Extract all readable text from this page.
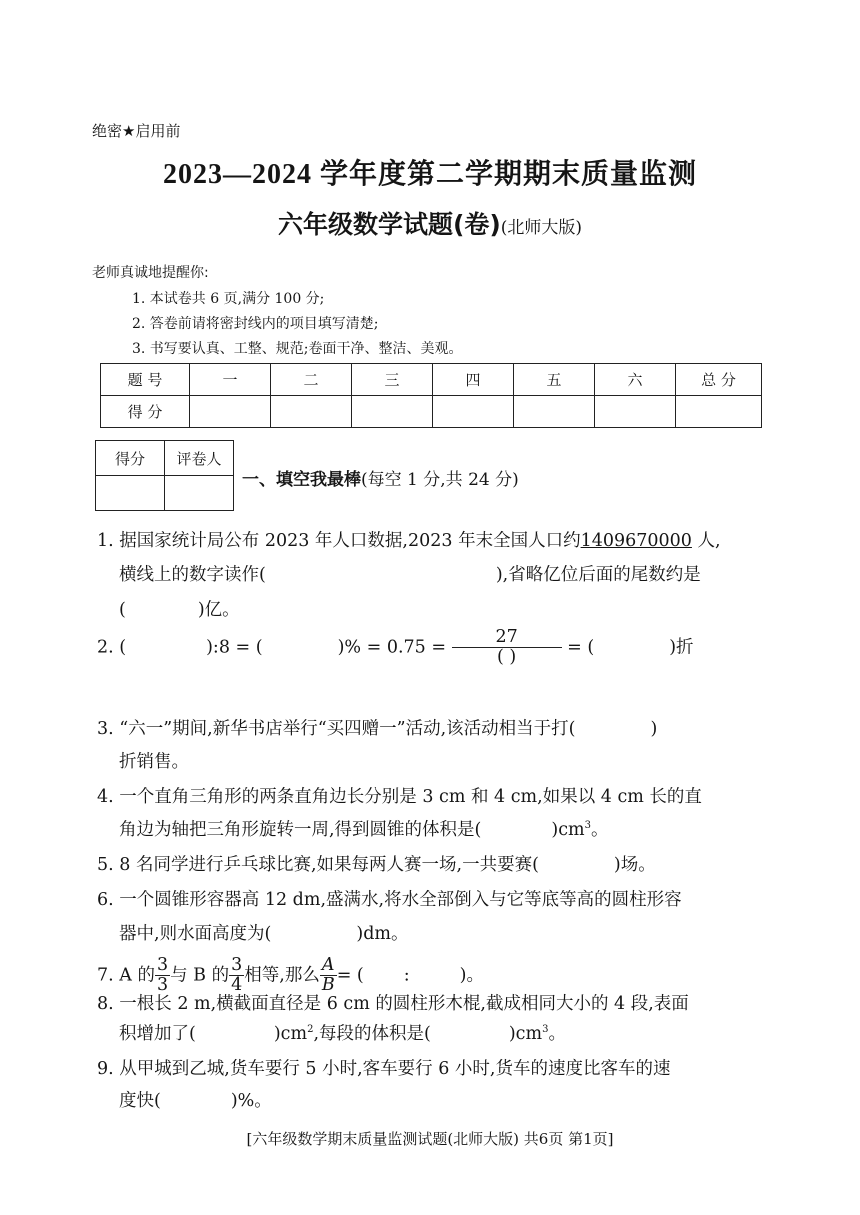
绝密★启用前
2023—2024 学年度第二学期期末质量监测
六年级数学试题(卷)(北师大版)
老师真诚地提醒你:
1. 本试卷共 6 页,满分 100 分;
2. 答卷前请将密封线内的项目填写清楚;
3. 书写要认真、工整、规范;卷面干净、整洁、美观。
题 号	一	二	三	四	五	六	总 分
得 分							
得分	评卷人

一、填空我最棒(每空 1 分,共 24 分)
1. 据国家统计局公布 2023 年人口数据,2023 年末全国人口约1409670000 人,
横线上的数字读作(	),省略亿位后面的尾数约是
(	)亿。
2. (	):8 = (	)% = $0.75 = \frac{27}{( )}$ = (	)折
3. “六一”期间,新华书店举行“买四赠一”活动,该活动相当于打(	)
折销售。
4. 一个直角三角形的两条直角边长分别是 3 cm 和 4 cm,如果以 4 cm 长的直
角边为轴把三角形旋转一周,得到圆锥的体积是(	)$cm^3$。
5. 8 名同学进行乒乓球比赛,如果每两人赛一场,一共要赛(	)场。
6. 一个圆锥形容器高 12 dm,盛满水,将水全部倒入与它等底等高的圆柱形容
器中,则水面高度为(	)dm。
7. A 的 $\frac{3}{3}$ 与 B 的 $\frac{3}{4}$ 相等,那么 $\frac{A}{B}$ = ( :	)。
8. 一根长 2 m,横截面直径是 6 cm 的圆柱形木棍,截成相同大小的 4 段,表面
积增加了(	)$cm^2$,每段的体积是(	)$cm^3$。
9. 从甲城到乙城,货车要行 5 小时,客车要行 6 小时,货车的速度比客车的速
度快(	)%。
[六年级数学期末质量监测试题(北师大版) 共6页 第1页]
